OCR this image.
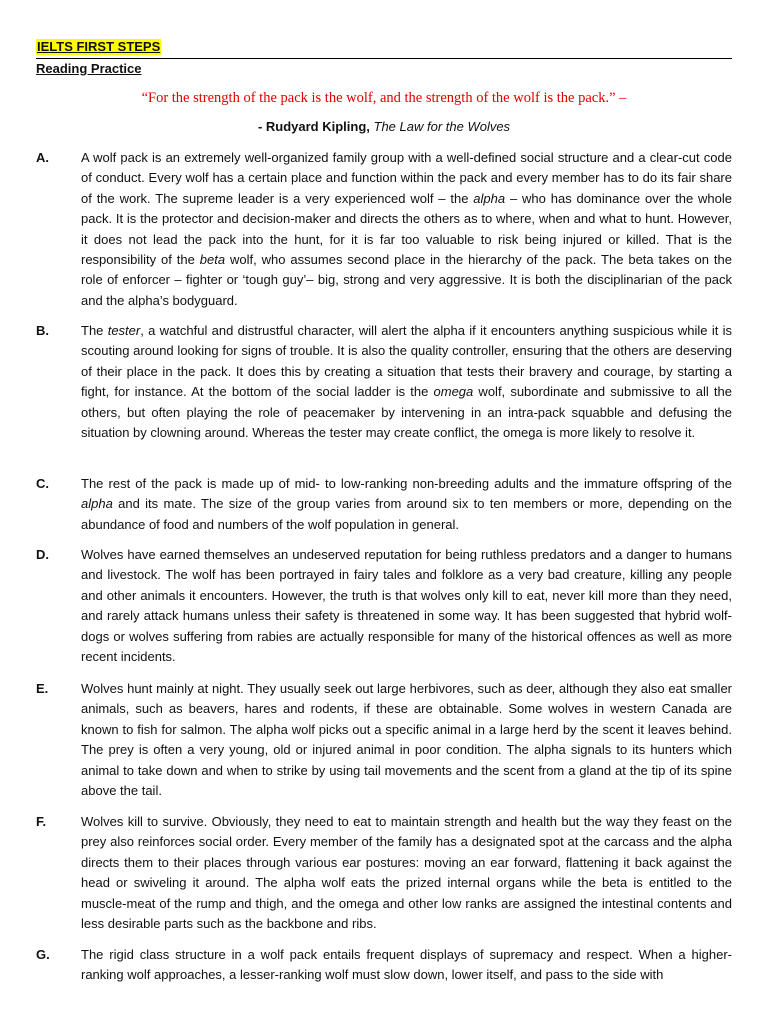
IELTS FIRST STEPS
Reading Practice
“For the strength of the pack is the wolf, and the strength of the wolf is the pack.” –
- Rudyard Kipling, The Law for the Wolves
A. A wolf pack is an extremely well-organized family group with a well-defined social structure and a clear-cut code of conduct. Every wolf has a certain place and function within the pack and every member has to do its fair share of the work. The supreme leader is a very experienced wolf – the alpha – who has dominance over the whole pack. It is the protector and decision-maker and directs the others as to where, when and what to hunt. However, it does not lead the pack into the hunt, for it is far too valuable to risk being injured or killed. That is the responsibility of the beta wolf, who assumes second place in the hierarchy of the pack. The beta takes on the role of enforcer – fighter or ‘tough guy’– big, strong and very aggressive. It is both the disciplinarian of the pack and the alpha’s bodyguard.
B. The tester, a watchful and distrustful character, will alert the alpha if it encounters anything suspicious while it is scouting around looking for signs of trouble. It is also the quality controller, ensuring that the others are deserving of their place in the pack. It does this by creating a situation that tests their bravery and courage, by starting a fight, for instance. At the bottom of the social ladder is the omega wolf, subordinate and submissive to all the others, but often playing the role of peacemaker by intervening in an intra-pack squabble and defusing the situation by clowning around. Whereas the tester may create conflict, the omega is more likely to resolve it.
C. The rest of the pack is made up of mid- to low-ranking non-breeding adults and the immature offspring of the alpha and its mate. The size of the group varies from around six to ten members or more, depending on the abundance of food and numbers of the wolf population in general.
D. Wolves have earned themselves an undeserved reputation for being ruthless predators and a danger to humans and livestock. The wolf has been portrayed in fairy tales and folklore as a very bad creature, killing any people and other animals it encounters. However, the truth is that wolves only kill to eat, never kill more than they need, and rarely attack humans unless their safety is threatened in some way. It has been suggested that hybrid wolf-dogs or wolves suffering from rabies are actually responsible for many of the historical offences as well as more recent incidents.
E.	Wolves hunt mainly at night. They usually seek out large herbivores, such as deer, although they also eat smaller animals, such as beavers, hares and rodents, if these are obtainable. Some wolves in western Canada are known to fish for salmon. The alpha wolf picks out a specific animal in a large herd by the scent it leaves behind. The prey is often a very young, old or injured animal in poor condition. The alpha signals to its hunters which animal to take down and when to strike by using tail movements and the scent from a gland at the tip of its spine above the tail.
F.	Wolves kill to survive. Obviously, they need to eat to maintain strength and health but the way they feast on the prey also reinforces social order. Every member of the family has a designated spot at the carcass and the alpha directs them to their places through various ear postures: moving an ear forward, flattening it back against the head or swiveling it around. The alpha wolf eats the prized internal organs while the beta is entitled to the muscle-meat of the rump and thigh, and the omega and other low ranks are assigned the intestinal contents and less desirable parts such as the backbone and ribs.
G. The rigid class structure in a wolf pack entails frequent displays of supremacy and respect. When a higher-ranking wolf approaches, a lesser-ranking wolf must slow down, lower itself, and pass to the side with
